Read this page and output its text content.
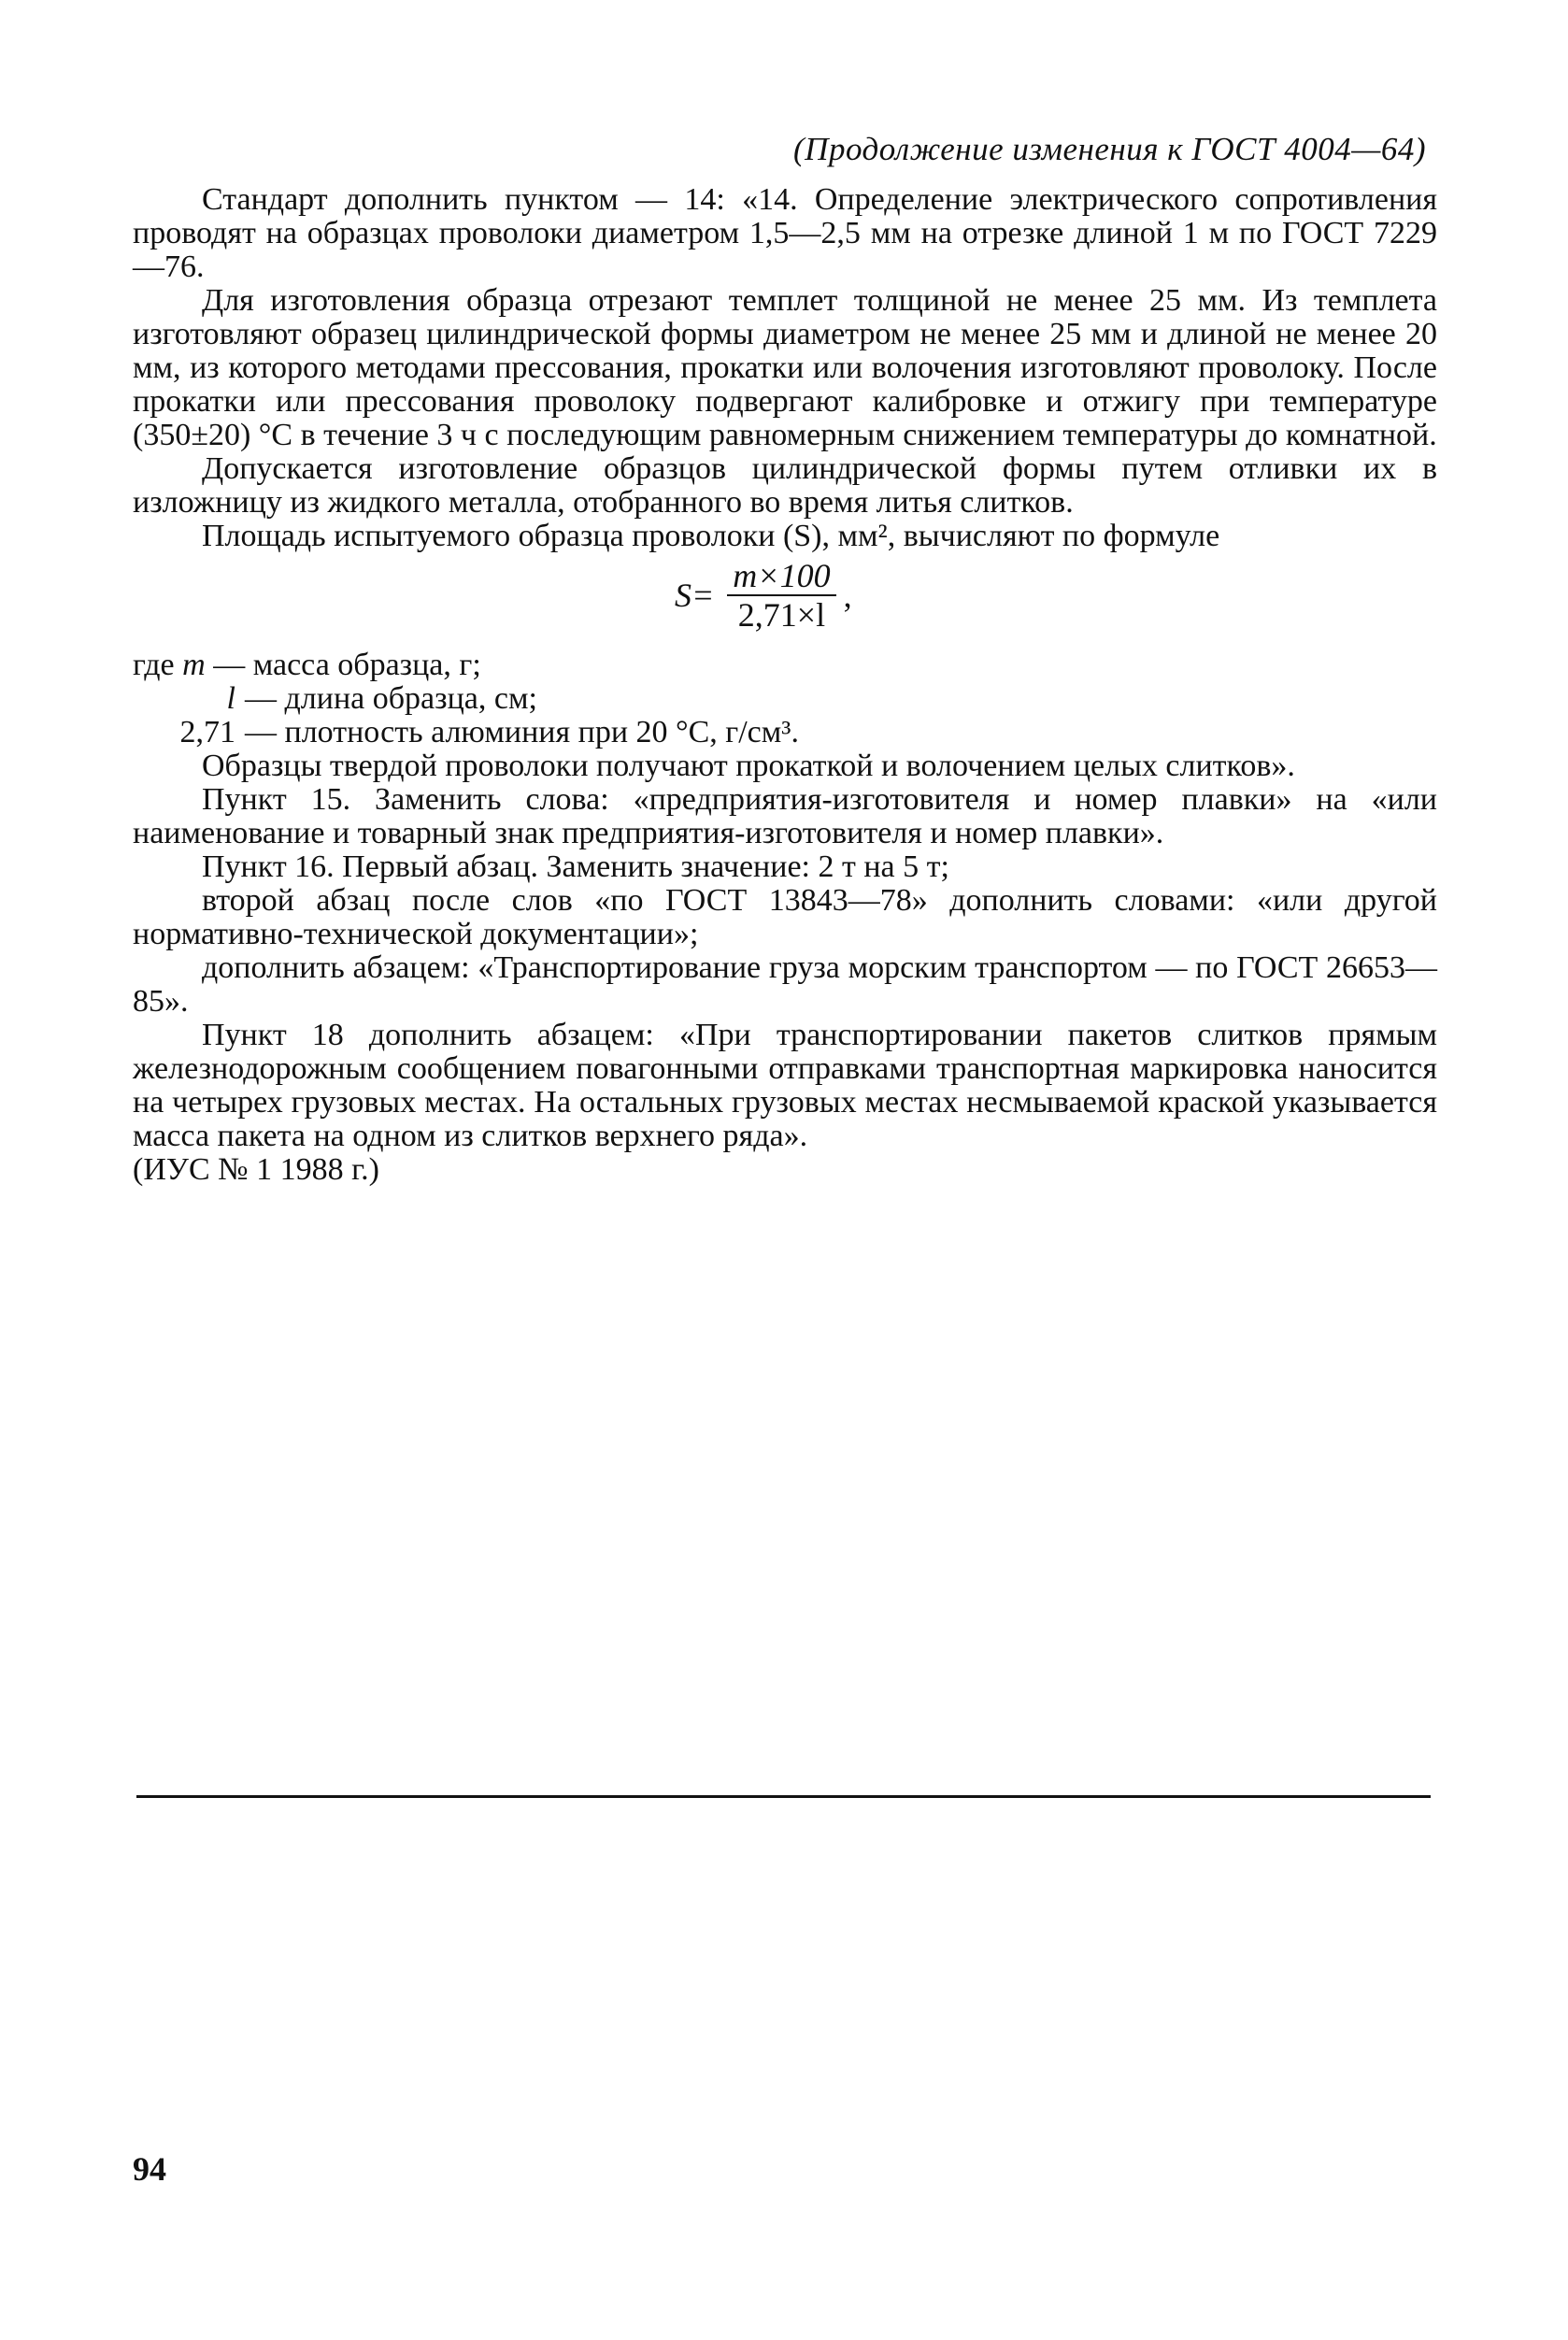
(Продолжение изменения к ГОСТ 4004—64)

Стандарт дополнить пунктом — 14: «14. Определение электрического сопротивления проводят на образцах проволоки диаметром 1,5—2,5 мм на отрезке длиной 1 м по ГОСТ 7229—76.

Для изготовления образца отрезают темплет толщиной не менее 25 мм. Из темплета изготовляют образец цилиндрической формы диаметром не менее 25 мм и длиной не менее 20 мм, из которого методами прессования, прокатки или волочения изготовляют проволоку. После прокатки или прессования проволоку подвергают калибровке и отжигу при температуре (350±20) °С в течение 3 ч с последующим равномерным снижением температуры до комнатной.

Допускается изготовление образцов цилиндрической формы путем отливки их в изложницу из жидкого металла, отобранного во время литья слитков.

Площадь испытуемого образца проволоки (S), мм², вычисляют по формуле

$S= \frac{m\times 100}{2,71\times l}$ ,
где
m
— масса образца, г;
l — длина образца, см;
2,71 — плотность алюминия при 20 °С, г/см³.

Образцы твердой проволоки получают прокаткой и волочением целых слитков».

Пункт 15. Заменить слова: «предприятия-изготовителя и номер плавки» на «или наименование и товарный знак предприятия-изготовителя и номер плавки».

Пункт 16. Первый абзац. Заменить значение: 2 т на 5 т;

второй абзац после слов «по ГОСТ 13843—78» дополнить словами: «или другой нормативно-технической документации»;

дополнить абзацем: «Транспортирование груза морским транспортом — по ГОСТ 26653—85».

Пункт 18 дополнить абзацем: «При транспортировании пакетов слитков прямым железнодорожным сообщением повагонными отправками транспортная маркировка наносится на четырех грузовых местах. На остальных грузовых местах несмываемой краской указывается масса пакета на одном из слитков верхнего ряда».

(ИУС № 1 1988 г.)

94
